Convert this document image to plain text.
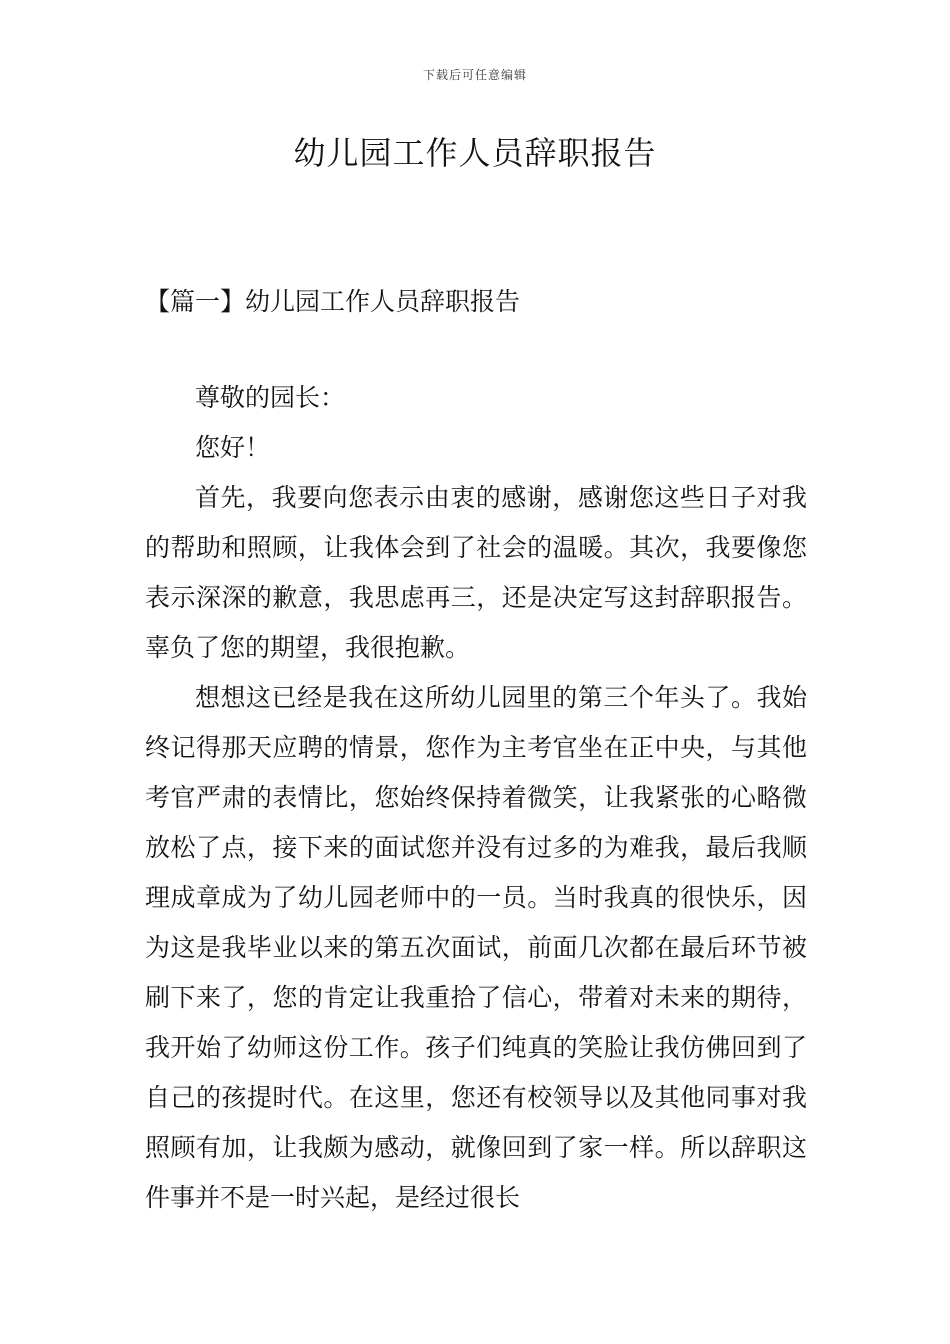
下载后可任意编辑
幼儿园工作人员辞职报告
【篇一】幼儿园工作人员辞职报告

尊敬的园长：

您好！

首先，我要向您表示由衷的感谢，感谢您这些日子对我的帮助和照顾，让我体会到了社会的温暖。其次，我要像您表示深深的歉意，我思虑再三，还是决定写这封辞职报告。辜负了您的期望，我很抱歉。

想想这已经是我在这所幼儿园里的第三个年头了。我始终记得那天应聘的情景，您作为主考官坐在正中央，与其他考官严肃的表情比，您始终保持着微笑，让我紧张的心略微放松了点，接下来的面试您并没有过多的为难我，最后我顺理成章成为了幼儿园老师中的一员。当时我真的很快乐，因为这是我毕业以来的第五次面试，前面几次都在最后环节被刷下来了，您的肯定让我重拾了信心，带着对未来的期待，我开始了幼师这份工作。孩子们纯真的笑脸让我仿佛回到了自己的孩提时代。在这里，您还有校领导以及其他同事对我照顾有加，让我颇为感动，就像回到了家一样。所以辞职这件事并不是一时兴起，是经过很长
